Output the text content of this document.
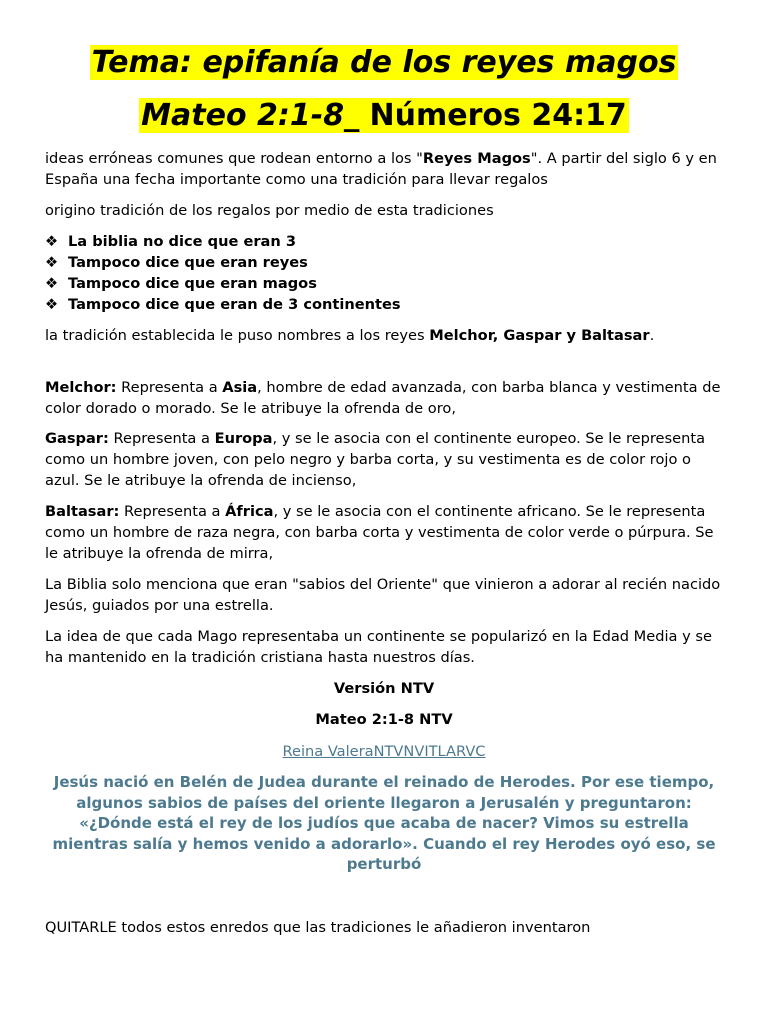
Tema: epifanía de los reyes magos
Mateo 2:1-8_ Números 24:17

ideas erróneas comunes que rodean entorno a los "Reyes Magos". A partir del siglo 6 y en España una fecha importante como una tradición para llevar regalos

origino tradición de los regalos por medio de esta tradiciones

❖ La biblia no dice que eran 3
❖ Tampoco dice que eran reyes
❖ Tampoco dice que eran magos
❖ Tampoco dice que eran de 3 continentes

la tradición establecida le puso nombres a los reyes Melchor, Gaspar y Baltasar.

Melchor: Representa a Asia, hombre de edad avanzada, con barba blanca y vestimenta de color dorado o morado. Se le atribuye la ofrenda de oro,

Gaspar: Representa a Europa, y se le asocia con el continente europeo. Se le representa como un hombre joven, con pelo negro y barba corta, y su vestimenta es de color rojo o azul. Se le atribuye la ofrenda de incienso,

Baltasar: Representa a África, y se le asocia con el continente africano. Se le representa como un hombre de raza negra, con barba corta y vestimenta de color verde o púrpura. Se le atribuye la ofrenda de mirra,

La Biblia solo menciona que eran "sabios del Oriente" que vinieron a adorar al recién nacido Jesús, guiados por una estrella.

La idea de que cada Mago representaba un continente se popularizó en la Edad Media y se ha mantenido en la tradición cristiana hasta nuestros días.

Versión NTV
Mateo 2:1-8 NTV
Reina ValeraNTVNVITLARVC

Jesús nació en Belén de Judea durante el reinado de Herodes. Por ese tiempo, algunos sabios de países del oriente llegaron a Jerusalén y preguntaron: «¿Dónde está el rey de los judíos que acaba de nacer? Vimos su estrella mientras salía y hemos venido a adorarlo». Cuando el rey Herodes oyó eso, se perturbó

QUITARLE todos estos enredos que las tradiciones le añadieron inventaron
